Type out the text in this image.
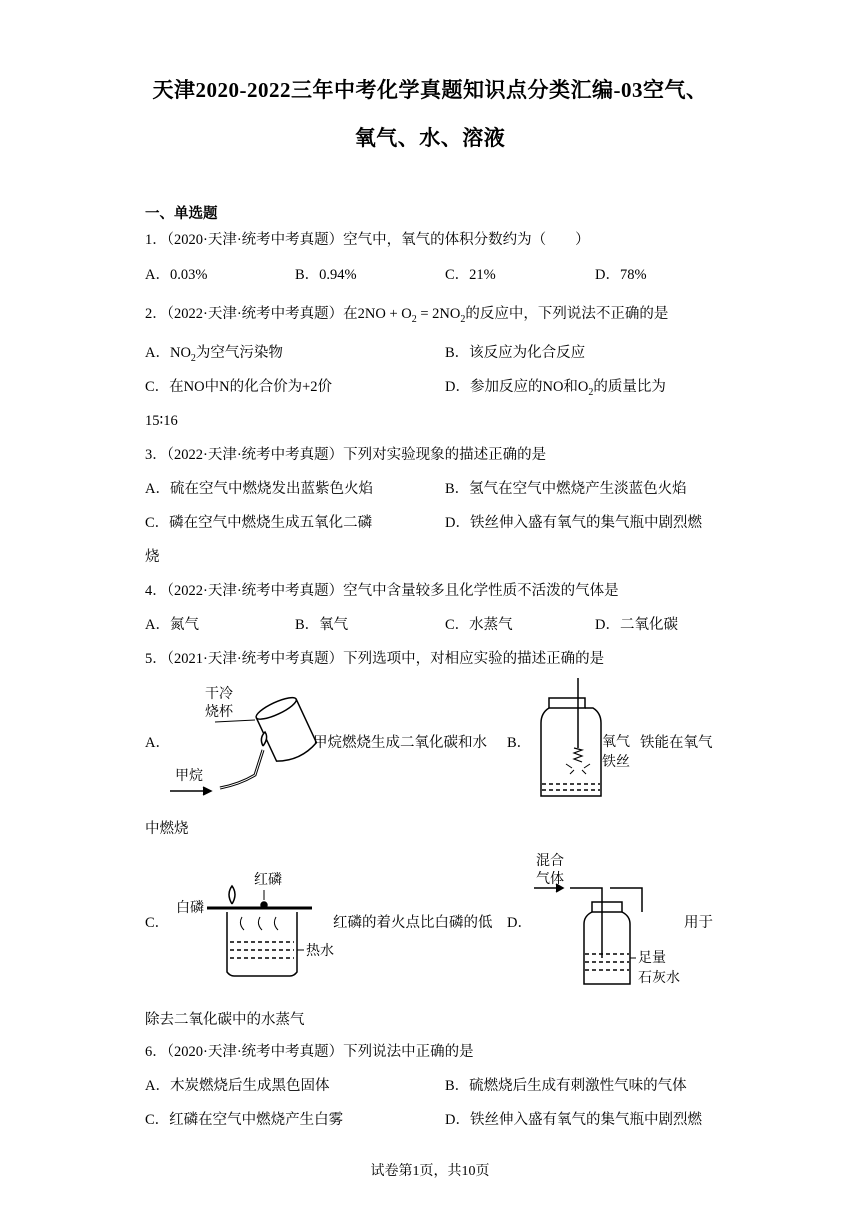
天津2020-2022三年中考化学真题知识点分类汇编-03空气、
氧气、水、溶液
一、单选题
1．（2020·天津·统考中考真题）空气中，氧气的体积分数约为（　　）
A．0.03%	B．0.94%	C．21%	D．78%
2．（2022·天津·统考中考真题）在$2NO + O_2 = 2NO_2$的反应中，下列说法不正确的是
A．$NO_2$为空气污染物	B．该反应为化合反应
C．在NO中N的化合价为+2价	D．参加反应的NO和$O_2$的质量比为
15∶16
3．（2022·天津·统考中考真题）下列对实验现象的描述正确的是
A．硫在空气中燃烧发出蓝紫色火焰	B．氢气在空气中燃烧产生淡蓝色火焰
C．磷在空气中燃烧生成五氧化二磷	D．铁丝伸入盛有氧气的集气瓶中剧烈燃
烧
4．（2022·天津·统考中考真题）空气中含量较多且化学性质不活泼的气体是
A．氮气	B．氧气	C．水蒸气	D．二氧化碳
5．（2021·天津·统考中考真题）下列选项中，对相应实验的描述正确的是
A．
干冷
烧杯
甲烷
甲烷燃烧生成二氧化碳和水 B．	氧气
铁丝
铁能在氧气
中燃烧
C．
红磷
白磷
热水
红磷的着火点比白磷的低 D．
混合
气体
足量
石灰水
用于
除去二氧化碳中的水蒸气
6．（2020·天津·统考中考真题）下列说法中正确的是
A．木炭燃烧后生成黑色固体	B．硫燃烧后生成有刺激性气味的气体
C．红磷在空气中燃烧产生白雾	D．铁丝伸入盛有氧气的集气瓶中剧烈燃
试卷第1页，共10页
